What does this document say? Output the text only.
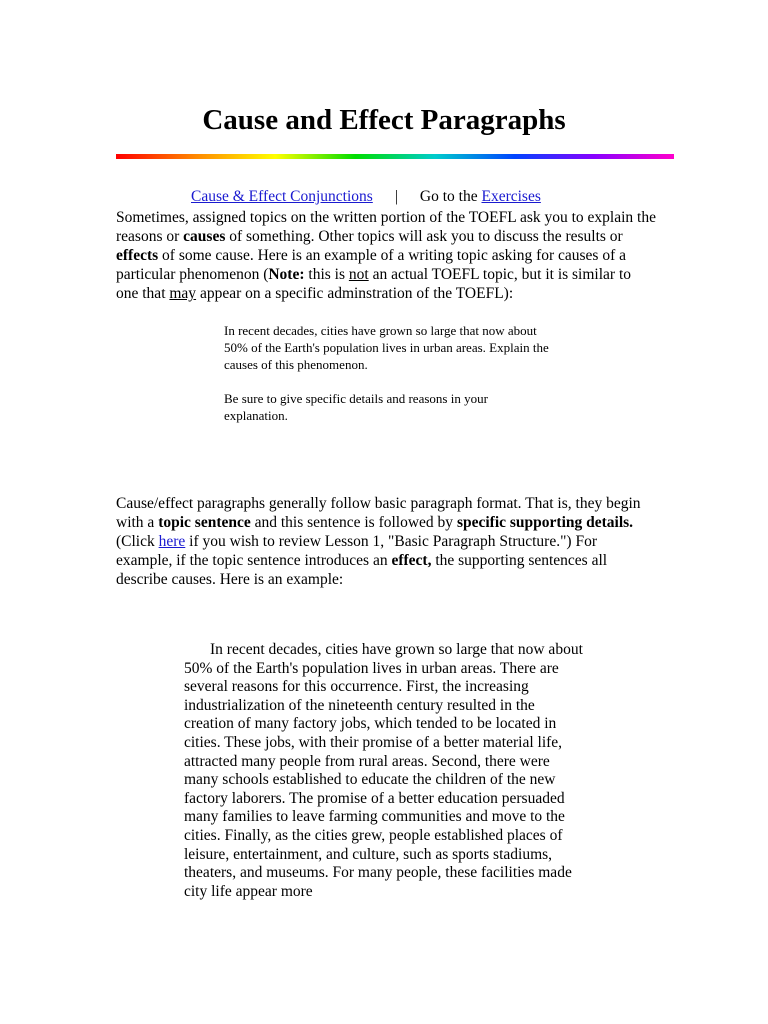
Cause and Effect Paragraphs
Cause & Effect Conjunctions | Go to the Exercises

Sometimes, assigned topics on the written portion of the TOEFL ask you to explain the reasons or causes of something. Other topics will ask you to discuss the results or effects of some cause. Here is an example of a writing topic asking for causes of a particular phenomenon (Note: this is not an actual TOEFL topic, but it is similar to one that may appear on a specific adminstration of the TOEFL):

In recent decades, cities have grown so large that now about 50% of the Earth's population lives in urban areas. Explain the causes of this phenomenon.

Be sure to give specific details and reasons in your explanation.

Cause/effect paragraphs generally follow basic paragraph format. That is, they begin with a topic sentence and this sentence is followed by specific supporting details. (Click here if you wish to review Lesson 1, "Basic Paragraph Structure.") For example, if the topic sentence introduces an effect, the supporting sentences all describe causes. Here is an example:

In recent decades, cities have grown so large that now about 50% of the Earth's population lives in urban areas. There are several reasons for this occurrence. First, the increasing industrialization of the nineteenth century resulted in the creation of many factory jobs, which tended to be located in cities. These jobs, with their promise of a better material life, attracted many people from rural areas. Second, there were many schools established to educate the children of the new factory laborers. The promise of a better education persuaded many families to leave farming communities and move to the cities. Finally, as the cities grew, people established places of leisure, entertainment, and culture, such as sports stadiums, theaters, and museums. For many people, these facilities made city life appear more
